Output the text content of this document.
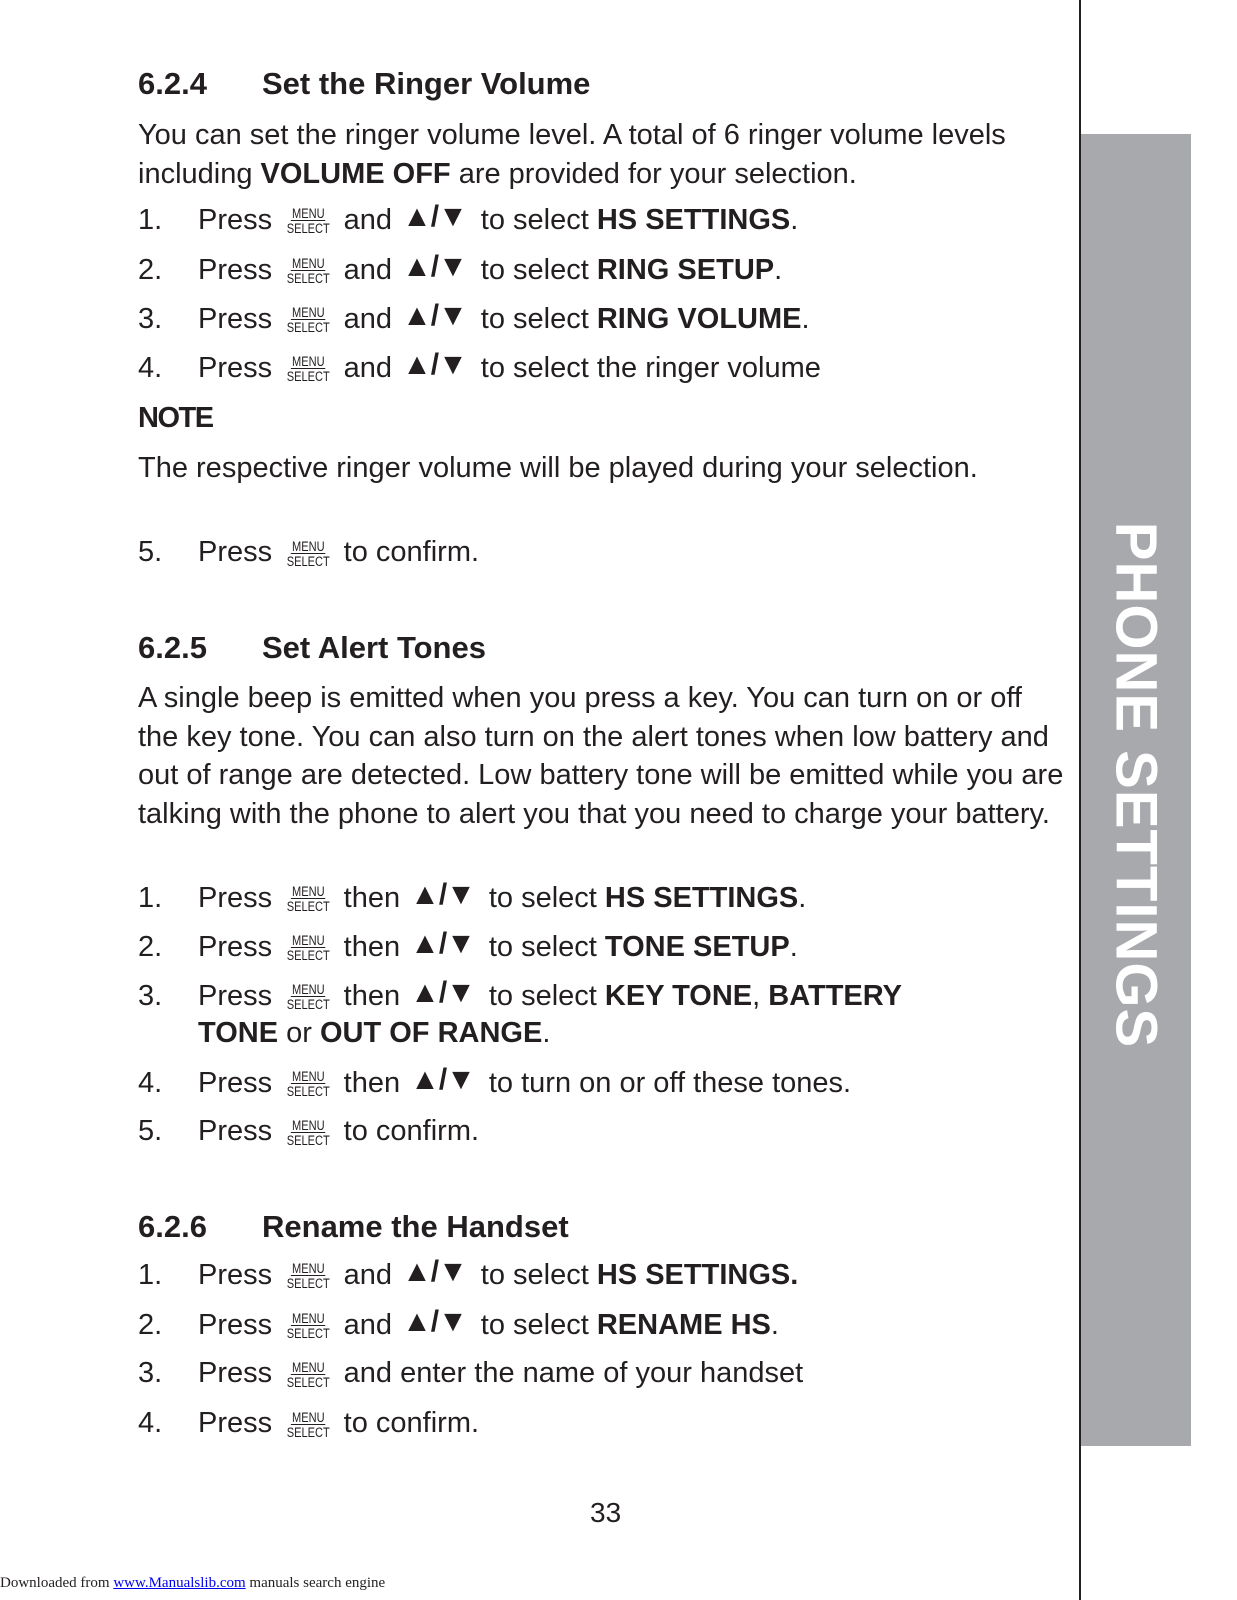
PHONE SETTINGS
6.2.4 Set the Ringer Volume

You can set the ringer volume level. A total of 6 ringer volume levels including VOLUME OFF are provided for your selection.

1.	Press MENU
SELECT and ▲/▼ to select
HS SETTINGS .
2.	Press MENU
SELECT and ▲/▼ to select
RING SETUP .
3.	Press MENU
SELECT and ▲/▼ to select
RING VOLUME .
4.	Press MENU
SELECT and ▲/▼ to select the ringer volume
NOTE

The respective ringer volume will be played during your selection.

5.	Press MENU
SELECT to confirm.
6.2.5 Set Alert Tones

A single beep is emitted when you press a key. You can turn on or off the key tone. You can also turn on the alert tones when low battery and out of range are detected. Low battery tone will be emitted while you are talking with the phone to alert you that you need to charge your battery.

1.	Press MENU
SELECT then ▲/▼ to select
HS SETTINGS .
2.	Press MENU
SELECT then ▲/▼ to select
TONE SETUP .
3.	Press MENU
SELECT then ▲/▼ to select
KEY TONE ,
BATTERY
TONE or OUT OF RANGE.
4.	Press MENU
SELECT then ▲/▼ to turn on or off these tones.
5.	Press MENU
SELECT to confirm.
6.2.6 Rename the Handset
1.	Press MENU
SELECT and ▲/▼ to select
HS SETTINGS.
2.	Press MENU
SELECT and ▲/▼ to select
RENAME HS .
3.	Press MENU
SELECT and enter the name of your handset
4.	Press MENU
SELECT to confirm.
33
Downloaded from www.Manualslib.com manuals search engine
